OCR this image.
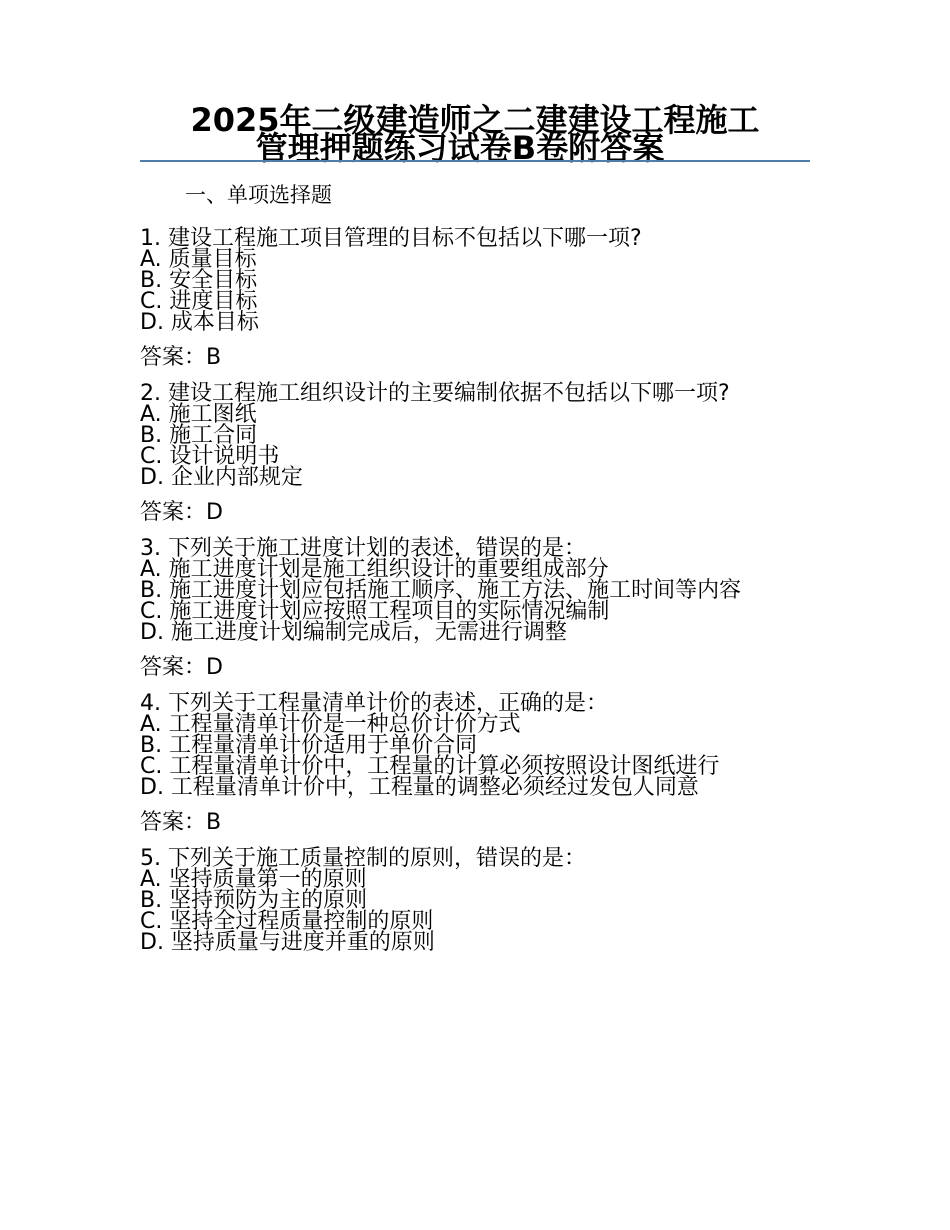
2025年二级建造师之二建建设工程施工
管理押题练习试卷B卷附答案
一、单项选择题
1. 建设工程施工项目管理的目标不包括以下哪一项?
A. 质量目标
B. 安全目标
C. 进度目标
D. 成本目标
答案：B
2. 建设工程施工组织设计的主要编制依据不包括以下哪一项?
A. 施工图纸
B. 施工合同
C. 设计说明书
D. 企业内部规定
答案：D
3. 下列关于施工进度计划的表述，错误的是：
A. 施工进度计划是施工组织设计的重要组成部分
B. 施工进度计划应包括施工顺序、施工方法、施工时间等内容
C. 施工进度计划应按照工程项目的实际情况编制
D. 施工进度计划编制完成后，无需进行调整
答案：D
4. 下列关于工程量清单计价的表述，正确的是：
A. 工程量清单计价是一种总价计价方式
B. 工程量清单计价适用于单价合同
C. 工程量清单计价中，工程量的计算必须按照设计图纸进行
D. 工程量清单计价中，工程量的调整必须经过发包人同意
答案：B
5. 下列关于施工质量控制的原则，错误的是：
A. 坚持质量第一的原则
B. 坚持预防为主的原则
C. 坚持全过程质量控制的原则
D. 坚持质量与进度并重的原则
